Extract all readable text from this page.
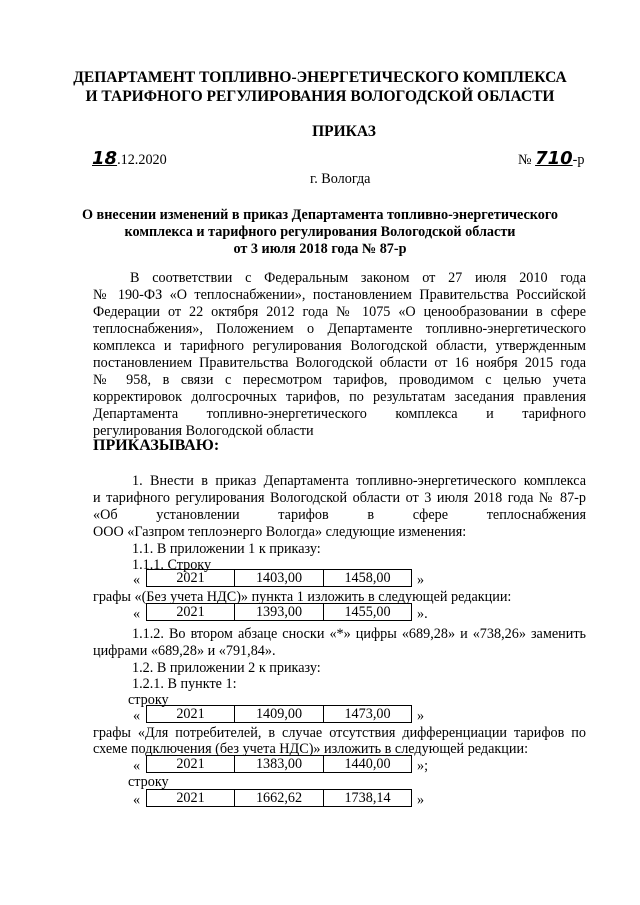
ДЕПАРТАМЕНТ ТОПЛИВНО-ЭНЕРГЕТИЧЕСКОГО КОМПЛЕКСА
И ТАРИФНОГО РЕГУЛИРОВАНИЯ ВОЛОГОДСКОЙ ОБЛАСТИ
ПРИКАЗ
18.12.2020	№ 710-р
г. Вологда
О внесении изменений в приказ Департамента топливно-энергетического
комплекса и тарифного регулирования Вологодской области
от 3 июля 2018 года № 87-р
В соответствии с Федеральным законом от 27 июля 2010 года
№ 190-ФЗ «О теплоснабжении», постановлением Правительства Российской
Федерации от 22 октября 2012 года № 1075 «О ценообразовании в сфере
теплоснабжения», Положением о Департаменте топливно-энергетического
комплекса и тарифного регулирования Вологодской области, утвержденным
постановлением Правительства Вологодской области от 16 ноября 2015 года
№ 958, в связи с пересмотром тарифов, проводимом с целью учета
корректировок долгосрочных тарифов, по результатам заседания правления
Департамента топливно-энергетического комплекса и тарифного
регулирования Вологодской области
ПРИКАЗЫВАЮ:
1. Внести в приказ Департамента топливно-энергетического комплекса
и тарифного регулирования Вологодской области от 3 июля 2018 года № 87-р
«Об установлении тарифов в сфере теплоснабжения
ООО «Газпром теплоэнерго Вологда» следующие изменения:
1.1. В приложении 1 к приказу:
1.1.1. Строку
«	2021	1403,00	1458,00 »
графы «(Без учета НДС)» пункта 1 изложить в следующей редакции:
«	2021	1393,00	1455,00 ».
1.1.2. Во втором абзаце сноски «*» цифры «689,28» и «738,26» заменить
цифрами «689,28» и «791,84».
1.2. В приложении 2 к приказу:
1.2.1. В пункте 1:
строку
«	2021	1409,00	1473,00 »
графы «Для потребителей, в случае отсутствия дифференциации тарифов по
схеме подключения (без учета НДС)» изложить в следующей редакции:
«	2021	1383,00	1440,00 »;
строку
«	2021	1662,62	1738,14 »
